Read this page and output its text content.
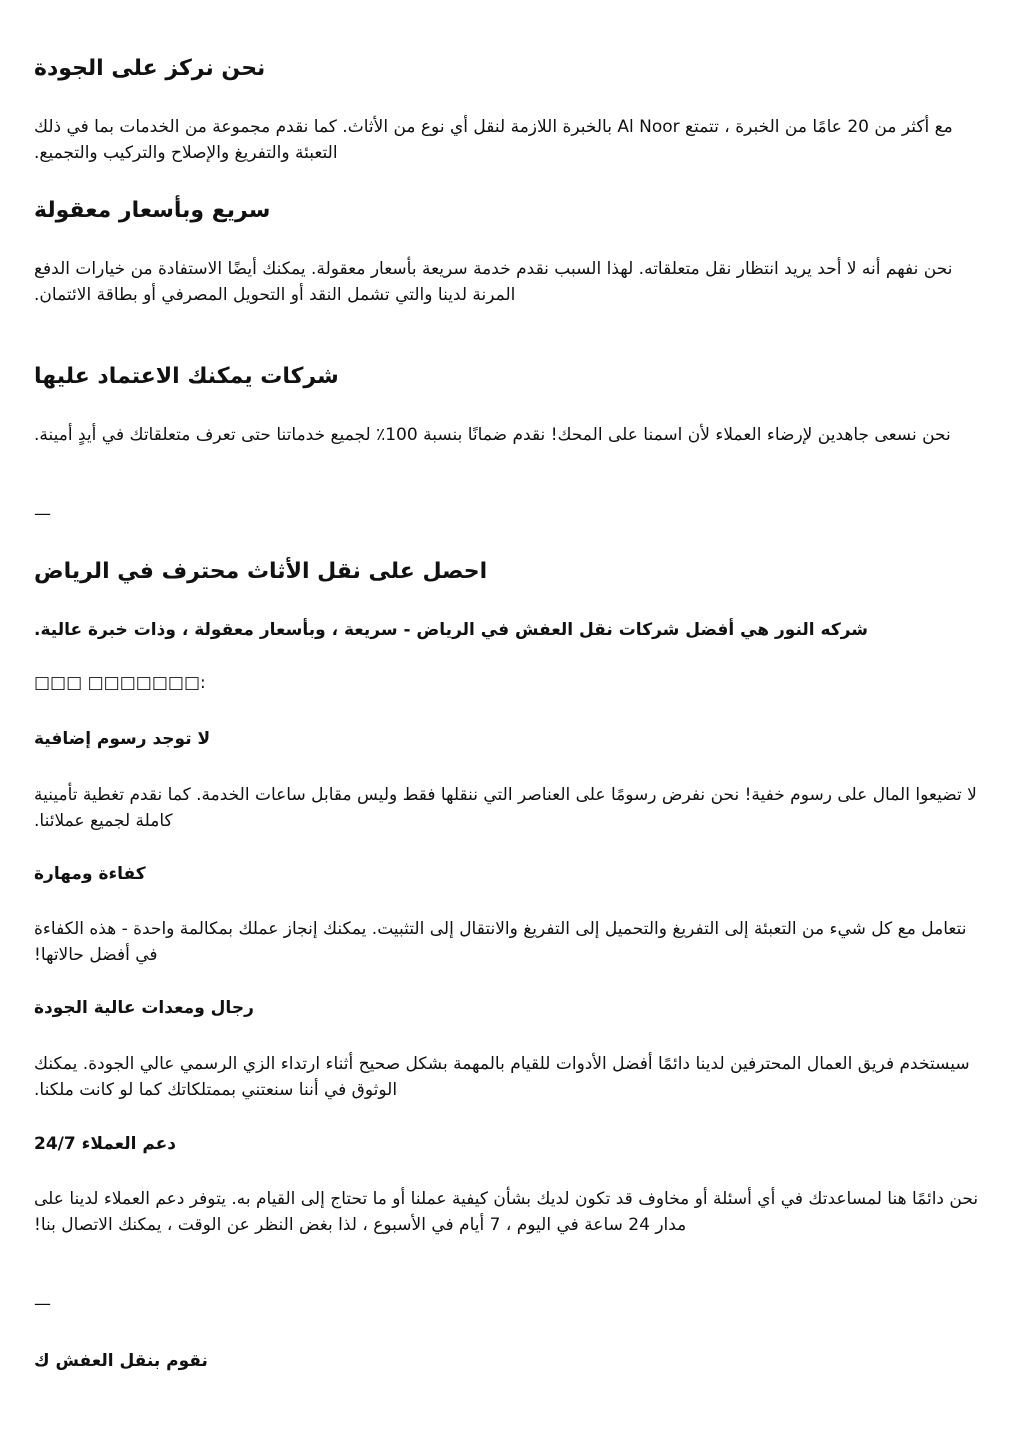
نحن نركز على الجودة

مع أكثر من 20 عامًا من الخبرة ، تتمتع Al Noor بالخبرة اللازمة لنقل أي نوع من الأثاث. كما نقدم مجموعة من الخدمات بما في ذلك التعبئة والتفريغ والإصلاح والتركيب والتجميع.

سريع وبأسعار معقولة

نحن نفهم أنه لا أحد يريد انتظار نقل متعلقاته. لهذا السبب نقدم خدمة سريعة بأسعار معقولة. يمكنك أيضًا الاستفادة من خيارات الدفع المرنة لدينا والتي تشمل النقد أو التحويل المصرفي أو بطاقة الائتمان.

شركات يمكنك الاعتماد عليها

نحن نسعى جاهدين لإرضاء العملاء لأن اسمنا على المحك! نقدم ضمانًا بنسبة 100٪ لجميع خدماتنا حتى تعرف متعلقاتك في أيدٍ أمينة.

—
احصل على نقل الأثاث محترف في الرياض
شركه النور هي أفضل شركات نقل العفش في الرياض - سريعة ، وبأسعار معقولة ، وذات خبرة عالية.

□□□ □□□□□□□:

لا توجد رسوم إضافية

لا تضيعوا المال على رسوم خفية! نحن نفرض رسومًا على العناصر التي ننقلها فقط وليس مقابل ساعات الخدمة. كما نقدم تغطية تأمينية كاملة لجميع عملائنا.

كفاءة ومهارة

نتعامل مع كل شيء من التعبئة إلى التفريغ والتحميل إلى التفريغ والانتقال إلى التثبيت. يمكنك إنجاز عملك بمكالمة واحدة - هذه الكفاءة في أفضل حالاتها!

رجال ومعدات عالية الجودة

سيستخدم فريق العمال المحترفين لدينا دائمًا أفضل الأدوات للقيام بالمهمة بشكل صحيح أثناء ارتداء الزي الرسمي عالي الجودة. يمكنك الوثوق في أننا سنعتني بممتلكاتك كما لو كانت ملكنا.

دعم العملاء 24/7

نحن دائمًا هنا لمساعدتك في أي أسئلة أو مخاوف قد تكون لديك بشأن كيفية عملنا أو ما تحتاج إلى القيام به. يتوفر دعم العملاء لدينا على مدار 24 ساعة في اليوم ، 7 أيام في الأسبوع ، لذا بغض النظر عن الوقت ، يمكنك الاتصال بنا!

—
نقوم بنقل العفش ك
